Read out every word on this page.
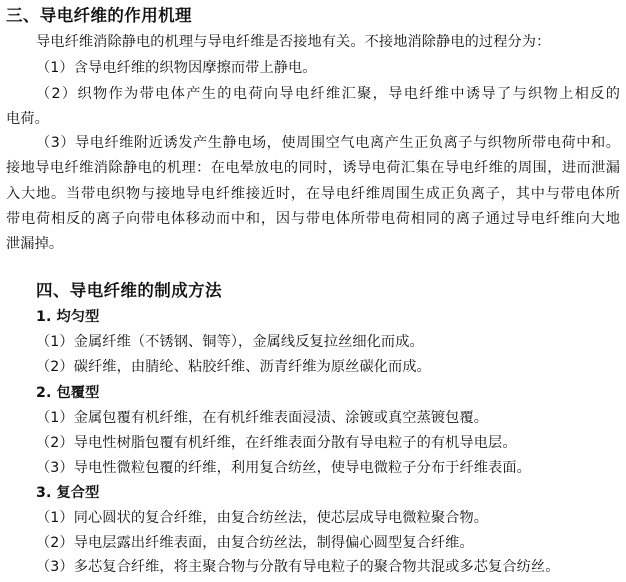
三、导电纤维的作用机理
导电纤维消除静电的机理与导电纤维是否接地有关。不接地消除静电的过程分为：
（1）含导电纤维的织物因摩擦而带上静电。
（2）织物作为带电体产生的电荷向导电纤维汇聚，导电纤维中诱导了与织物上相反的
电荷。
（3）导电纤维附近诱发产生静电场，使周围空气电离产生正负离子与织物所带电荷中和。
接地导电纤维消除静电的机理：在电晕放电的同时，诱导电荷汇集在导电纤维的周围，进而泄漏
入大地。当带电织物与接地导电纤维接近时，在导电纤维周围生成正负离子，其中与带电体所
带电荷相反的离子向带电体移动而中和，因与带电体所带电荷相同的离子通过导电纤维向大地
泄漏掉。
四、导电纤维的制成方法
1. 均匀型
（1）金属纤维（不锈钢、铜等），金属线反复拉丝细化而成。
（2）碳纤维，由腈纶、粘胶纤维、沥青纤维为原丝碳化而成。
2. 包覆型
（1）金属包覆有机纤维，在有机纤维表面浸渍、涂镀或真空蒸镀包覆。
（2）导电性树脂包覆有机纤维，在纤维表面分散有导电粒子的有机导电层。
（3）导电性微粒包覆的纤维，利用复合纺丝，使导电微粒子分布于纤维表面。
3. 复合型
（1）同心圆状的复合纤维，由复合纺丝法，使芯层成导电微粒聚合物。
（2）导电层露出纤维表面，由复合纺丝法，制得偏心圆型复合纤维。
（3）多芯复合纤维，将主聚合物与分散有导电粒子的聚合物共混或多芯复合纺丝。
